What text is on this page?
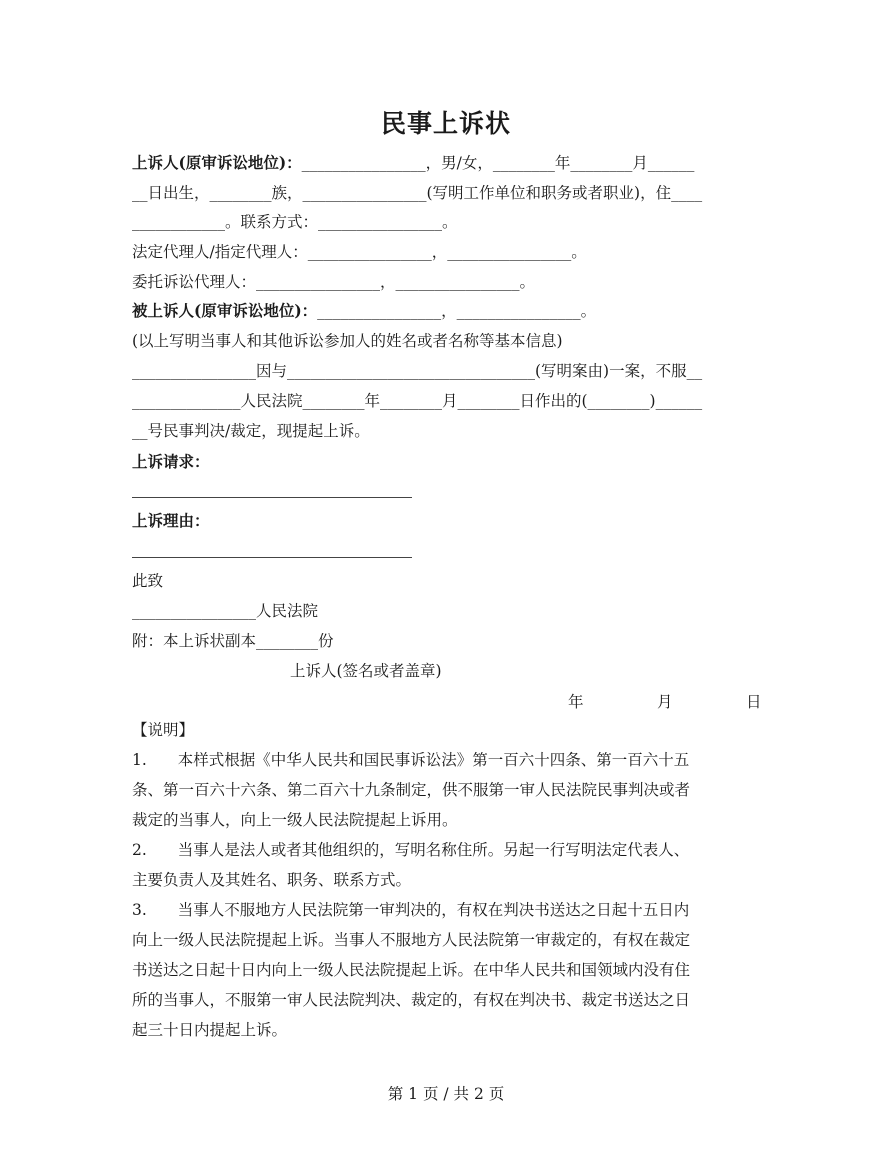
民事上诉状
上诉人(原审诉讼地位)：________________，男/女，________年________月______
__日出生，________族，________________(写明工作单位和职务或者职业)，住____
____________。联系方式：________________。
法定代理人/指定代理人：________________，________________。
委托诉讼代理人：________________，________________。
被上诉人(原审诉讼地位)：________________，________________。
(以上写明当事人和其他诉讼参加人的姓名或者名称等基本信息)
________________因与________________________________(写明案由)一案，不服__
______________人民法院________年________月________日作出的(________)______
__号民事判决/裁定，现提起上诉。
上诉请求：
上诉理由：
此致
________________人民法院
附：本上诉状副本________份
上诉人(签名或者盖章)
年	月	日
【说明】
1.　　本样式根据《中华人民共和国民事诉讼法》第一百六十四条、第一百六十五
条、第一百六十六条、第二百六十九条制定，供不服第一审人民法院民事判决或者
裁定的当事人，向上一级人民法院提起上诉用。
2.　　当事人是法人或者其他组织的，写明名称住所。另起一行写明法定代表人、
主要负责人及其姓名、职务、联系方式。
3.　　当事人不服地方人民法院第一审判决的，有权在判决书送达之日起十五日内
向上一级人民法院提起上诉。当事人不服地方人民法院第一审裁定的，有权在裁定
书送达之日起十日内向上一级人民法院提起上诉。在中华人民共和国领域内没有住
所的当事人，不服第一审人民法院判决、裁定的，有权在判决书、裁定书送达之日
起三十日内提起上诉。
第 1 页 / 共 2 页
